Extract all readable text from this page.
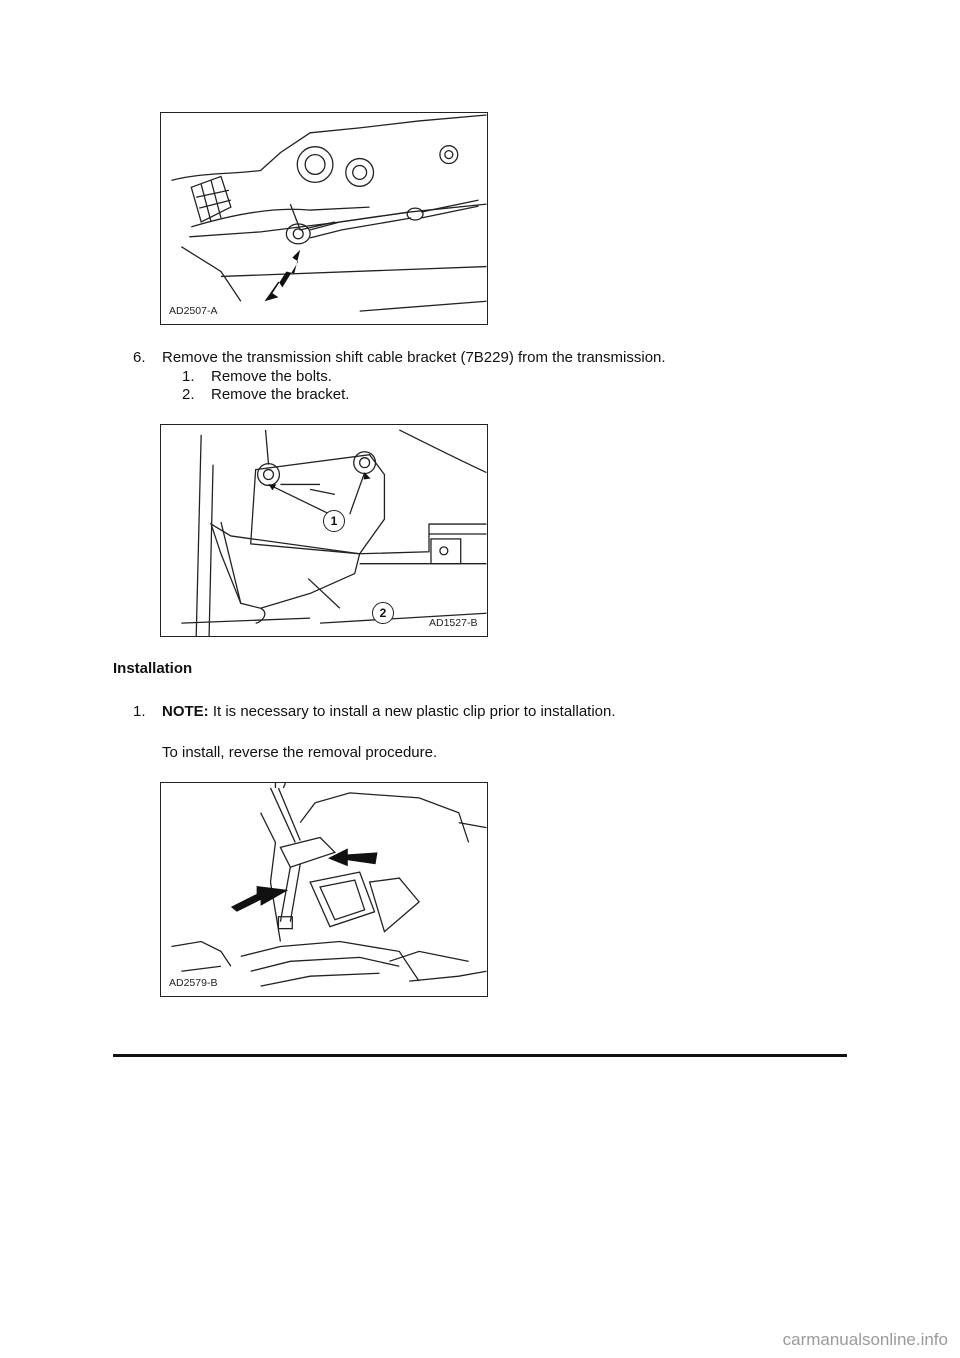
AD2507-A
6. Remove the transmission shift cable bracket (7B229) from the transmission.
1. Remove the bolts.
2. Remove the bracket.
1
2
AD1527-B
Installation
1. NOTE: It is necessary to install a new plastic clip prior to installation.
To install, reverse the removal procedure.
AD2579-B
carmanualsonline.info
